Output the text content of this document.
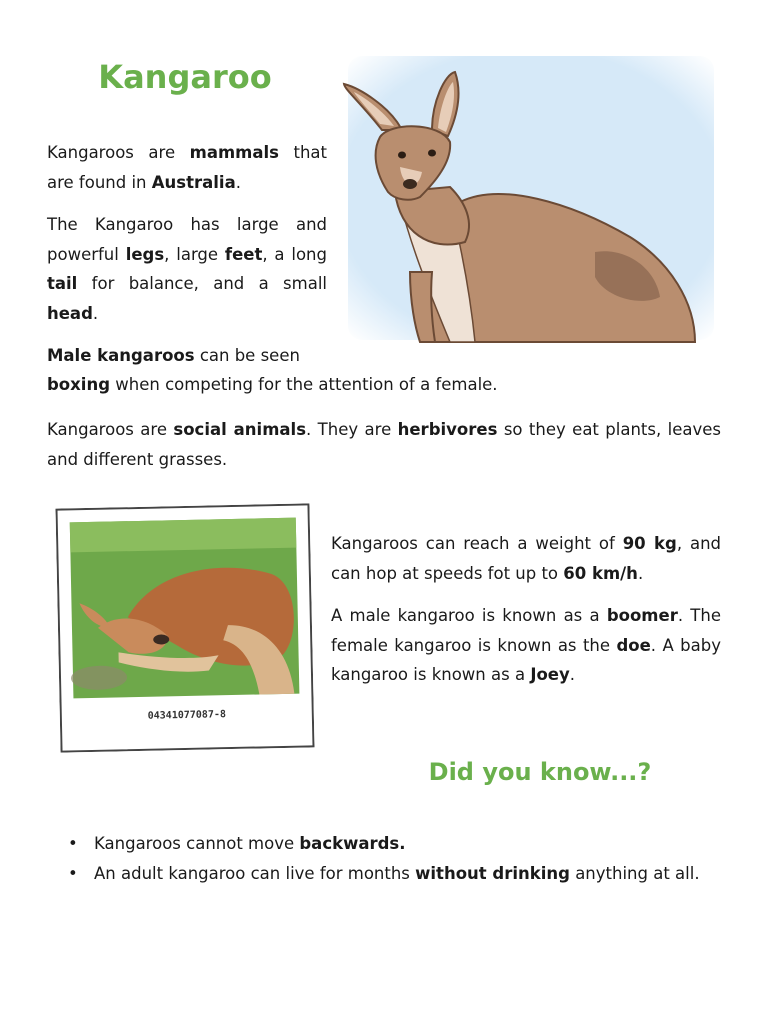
Kangaroo

Kangaroos are mammals that are found in Australia.

The Kangaroo has large and powerful legs, large feet, a long tail for balance, and a small head.

Male kangaroos can be seen

boxing when competing for the attention of a female.

Kangaroos are social animals. They are herbivores so they eat plants, leaves and different grasses.

04341077087-8

Kangaroos can reach a weight of 90 kg, and can hop at speeds fot up to 60 km/h.

A male kangaroo is known as a boomer. The female kangaroo is known as the doe. A baby kangaroo is known as a Joey.

Did you know...?
• Kangaroos cannot move backwards.
• An adult kangaroo can live for months without drinking anything at all.
